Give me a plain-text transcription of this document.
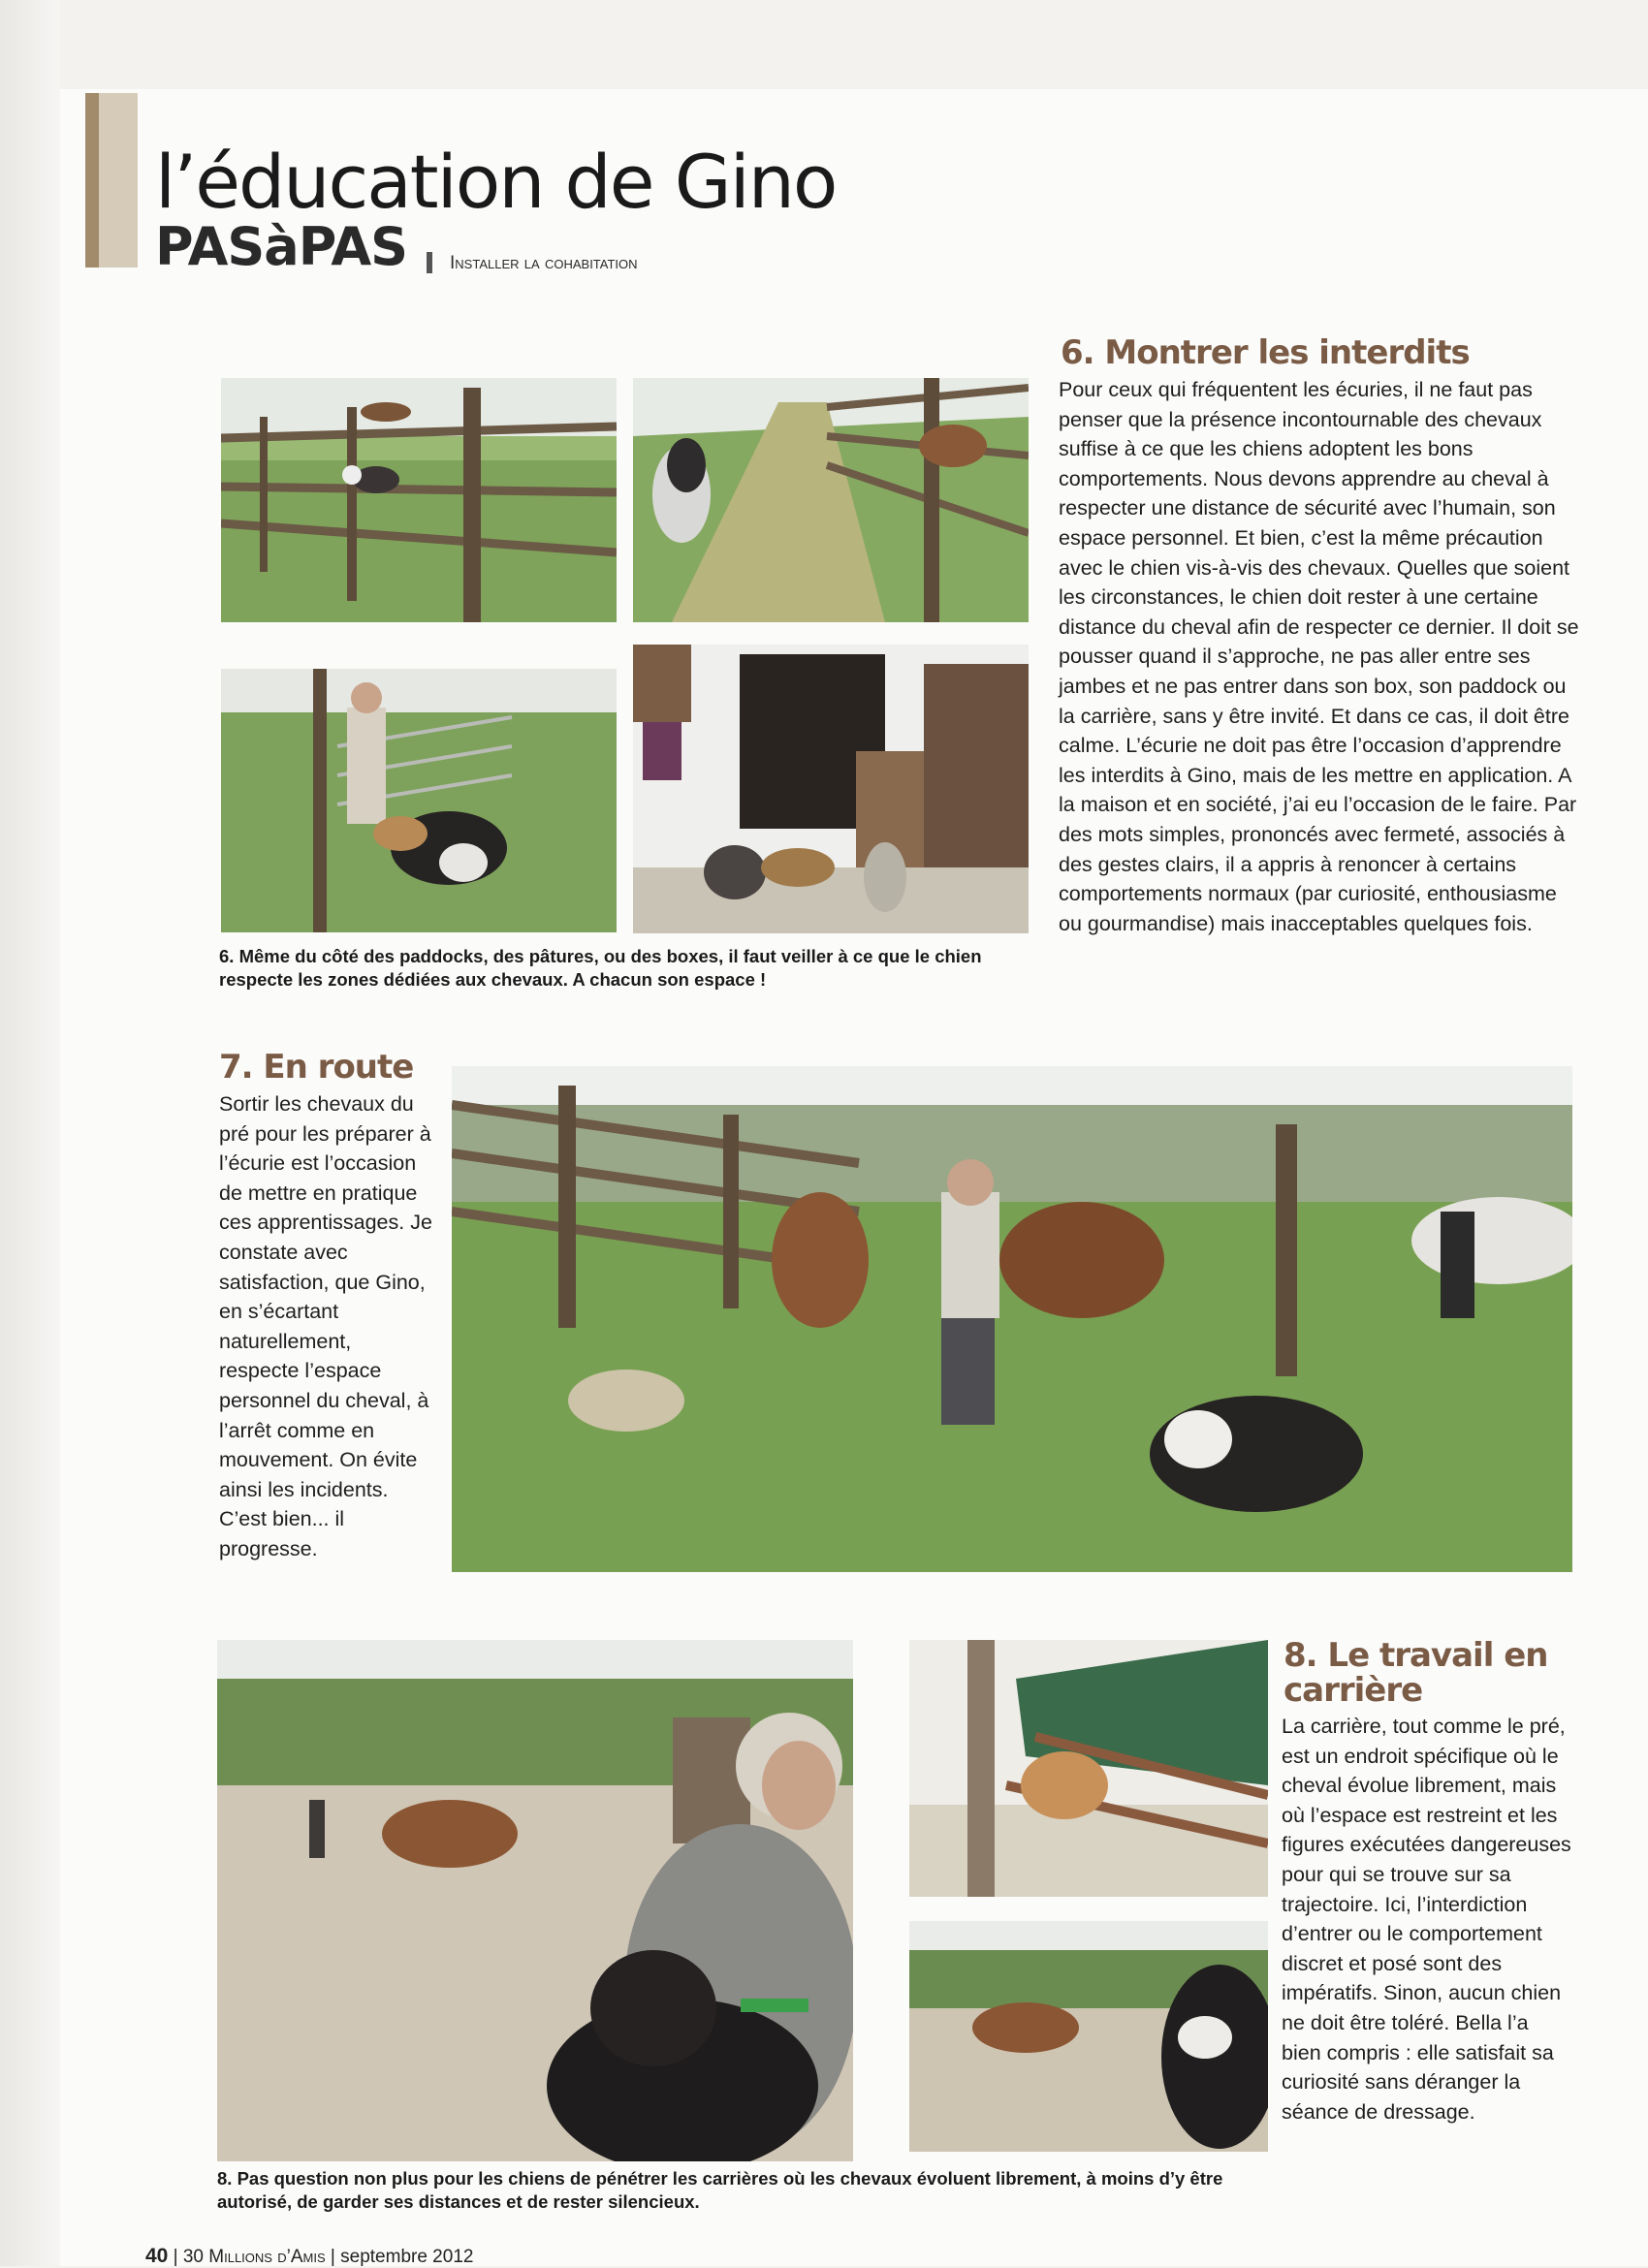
l’éducation de Gino
PASàPAS Installer la cohabitation
6. Même du côté des paddocks, des pâtures, ou des boxes, il faut veiller à ce que le chien respecte les zones dédiées aux chevaux. A chacun son espace !
6. Montrer les interdits
Pour ceux qui fréquentent les écuries, il ne faut pas penser que la présence incontournable des chevaux suffise à ce que les chiens adoptent les bons comportements. Nous devons apprendre au cheval à respecter une distance de sécurité avec l’humain, son espace personnel. Et bien, c’est la même précaution avec le chien vis-à-vis des chevaux. Quelles que soient les circonstances, le chien doit rester à une certaine distance du cheval afin de respecter ce dernier. Il doit se pousser quand il s’approche, ne pas aller entre ses jambes et ne pas entrer dans son box, son paddock ou la carrière, sans y être invité. Et dans ce cas, il doit être calme. L’écurie ne doit pas être l’occasion d’apprendre les interdits à Gino, mais de les mettre en application. A la maison et en société, j’ai eu l’occasion de le faire. Par des mots simples, prononcés avec fermeté, associés à des gestes clairs, il a appris à renoncer à certains comportements normaux (par curiosité, enthousiasme ou gourmandise) mais inacceptables quelques fois.
7. En route
Sortir les chevaux du pré pour les préparer à l’écurie est l’occasion de mettre en pratique ces apprentissages. Je constate avec satisfaction, que Gino, en s’écartant naturellement, respecte l’espace personnel du cheval, à l’arrêt comme en mouvement. On évite ainsi les incidents. C’est bien... il progresse.
8. Pas question non plus pour les chiens de pénétrer les carrières où les chevaux évoluent librement, à moins d’y être autorisé, de garder ses distances et de rester silencieux.
8. Le travail en
carrière
La carrière, tout comme le pré, est un endroit spécifique où le cheval évolue librement, mais où l’espace est restreint et les figures exécutées dangereuses pour qui se trouve sur sa trajectoire. Ici, l’interdiction d’entrer ou le comportement discret et posé sont des impératifs. Sinon, aucun chien ne doit être toléré. Bella l’a bien compris : elle satisfait sa curiosité sans déranger la séance de dressage.
40 | 30 Millions d’Amis | septembre 2012
